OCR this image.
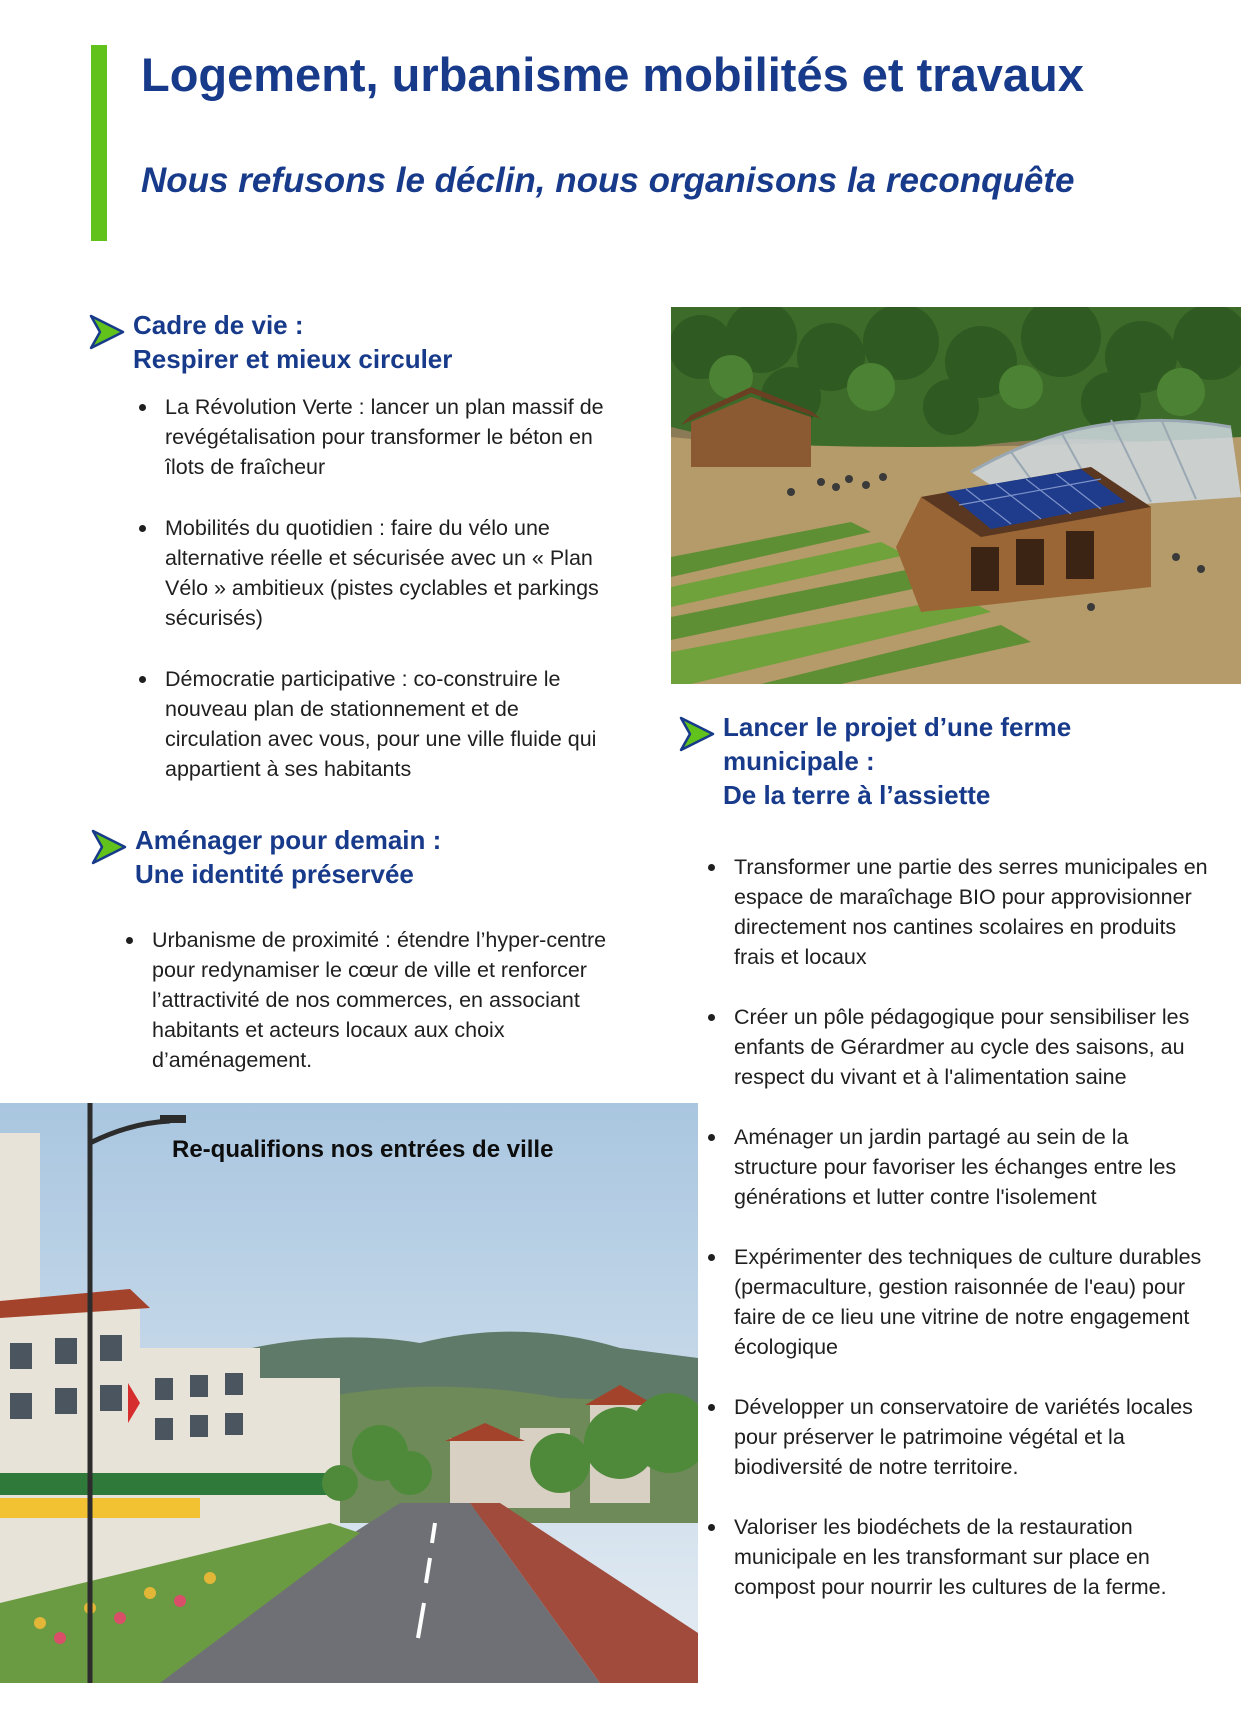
Logement, urbanisme mobilités et travaux

Nous refusons le déclin, nous organisons la reconquête

Cadre de vie :
Respirer et mieux circuler
La Révolution Verte : lancer un plan massif de revégétalisation pour transformer le béton en îlots de fraîcheur
Mobilités du quotidien : faire du vélo une alternative réelle et sécurisée avec un « Plan Vélo » ambitieux (pistes cyclables et parkings sécurisés)
Démocratie participative : co-construire le nouveau plan de stationnement et de circulation avec vous, pour une ville fluide qui appartient à ses habitants
Aménager pour demain :
Une identité préservée
Urbanisme de proximité : étendre l’hyper-centre pour redynamiser le cœur de ville et renforcer l’attractivité de nos commerces, en associant habitants et acteurs locaux aux choix d’aménagement.
Lancer le projet d’une ferme
municipale :
De la terre à l’assiette
Transformer une partie des serres municipales en espace de maraîchage BIO pour approvisionner directement nos cantines scolaires en produits frais et locaux
Créer un pôle pédagogique pour sensibiliser les enfants de Gérardmer au cycle des saisons, au respect du vivant et à l'alimentation saine
Aménager un jardin partagé au sein de la structure pour favoriser les échanges entre les générations et lutter contre l'isolement
Expérimenter des techniques de culture durables (permaculture, gestion raisonnée de l'eau) pour faire de ce lieu une vitrine de notre engagement écologique
Développer un conservatoire de variétés locales pour préserver le patrimoine végétal et la biodiversité de notre territoire.
Valoriser les biodéchets de la restauration municipale en les transformant sur place en compost pour nourrir les cultures de la ferme.

Re-qualifions nos entrées de ville
